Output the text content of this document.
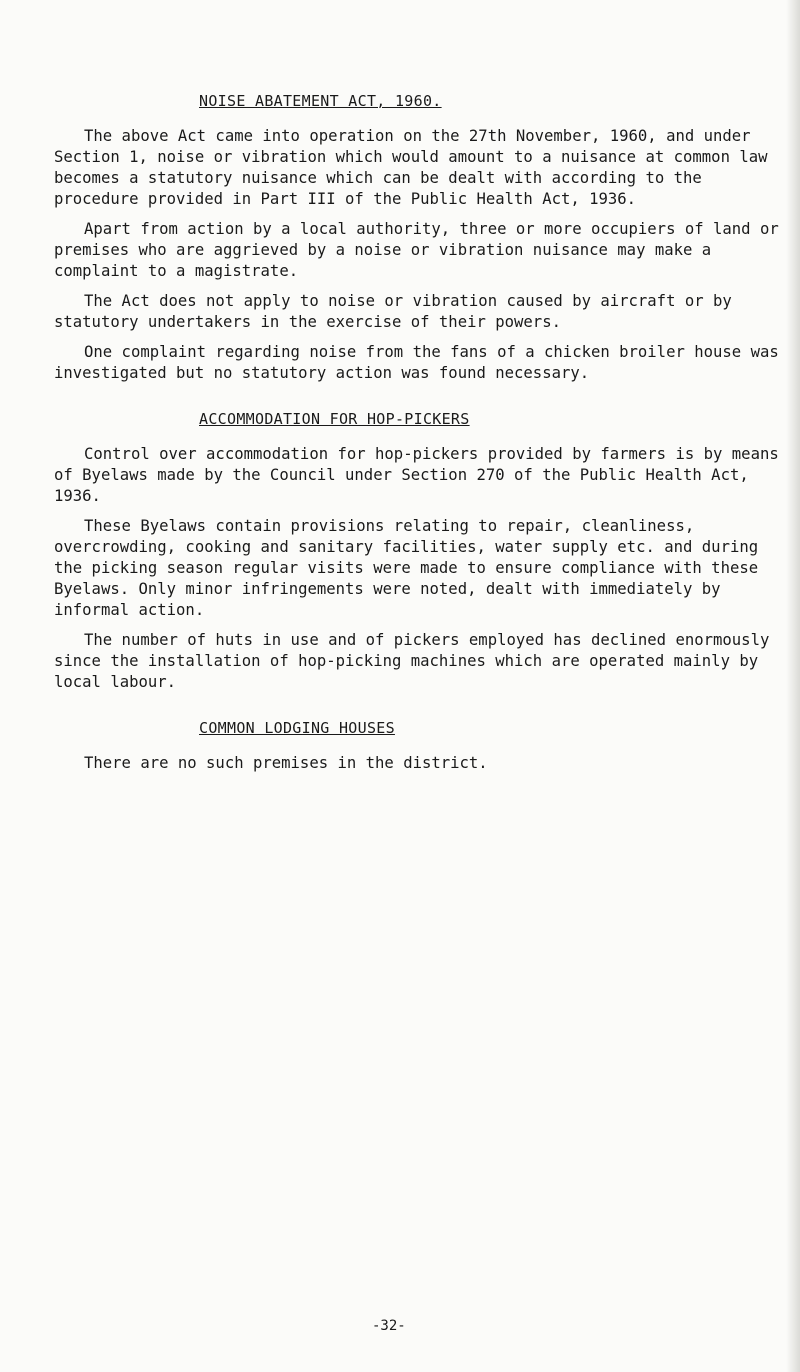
NOISE ABATEMENT ACT, 1960.

The above Act came into operation on the 27th November, 1960, and under Section 1, noise or vibration which would amount to a nuisance at common law becomes a statutory nuisance which can be dealt with according to the procedure provided in Part III of the Public Health Act, 1936.

Apart from action by a local authority, three or more occupiers of land or premises who are aggrieved by a noise or vibration nuisance may make a complaint to a magistrate.

The Act does not apply to noise or vibration caused by aircraft or by statutory undertakers in the exercise of their powers.

One complaint regarding noise from the fans of a chicken broiler house was investigated but no statutory action was found necessary.

ACCOMMODATION FOR HOP-PICKERS

Control over accommodation for hop-pickers provided by farmers is by means of Byelaws made by the Council under Section 270 of the Public Health Act, 1936.

These Byelaws contain provisions relating to repair, cleanliness, overcrowding, cooking and sanitary facilities, water supply etc. and during the picking season regular visits were made to ensure compliance with these Byelaws. Only minor infringements were noted, dealt with immediately by informal action.

The number of huts in use and of pickers employed has declined enormously since the installation of hop-picking machines which are operated mainly by local labour.

COMMON LODGING HOUSES

There are no such premises in the district.

-32-
